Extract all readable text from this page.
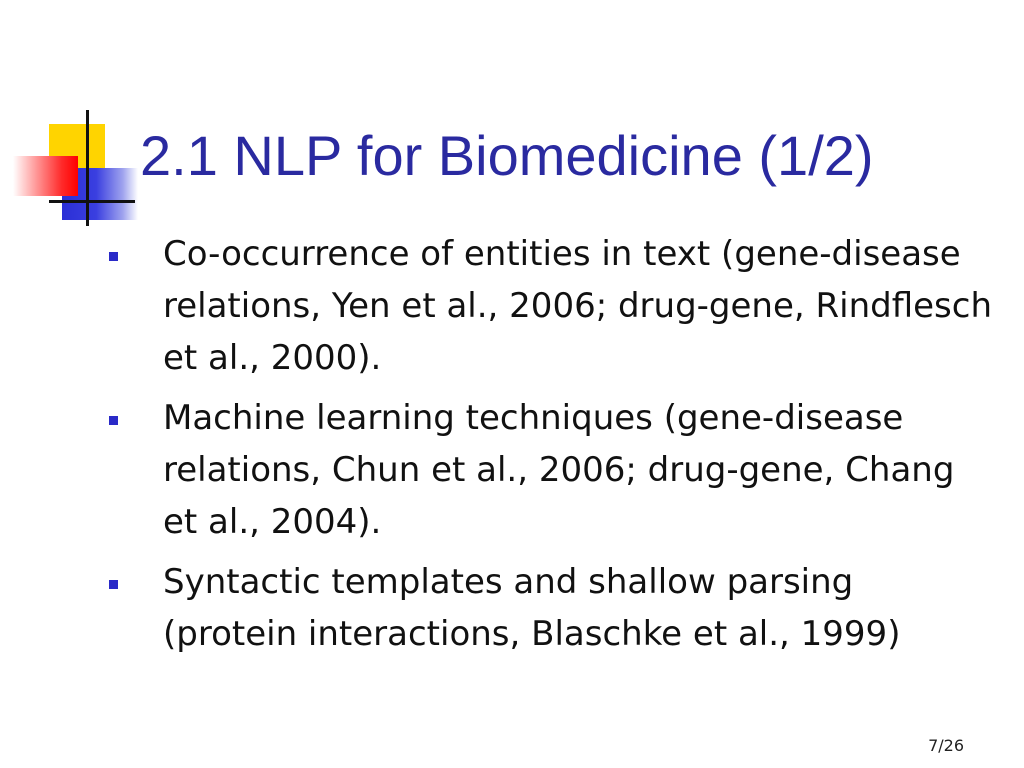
2.1 NLP for Biomedicine (1/2)
Co-occurrence of entities in text (gene-disease relations, Yen et al., 2006; drug-gene, Rindflesch et al., 2000).
Machine learning techniques (gene-disease relations, Chun et al., 2006; drug-gene, Chang et al., 2004).
Syntactic templates and shallow parsing (protein interactions, Blaschke et al., 1999)
7/26
